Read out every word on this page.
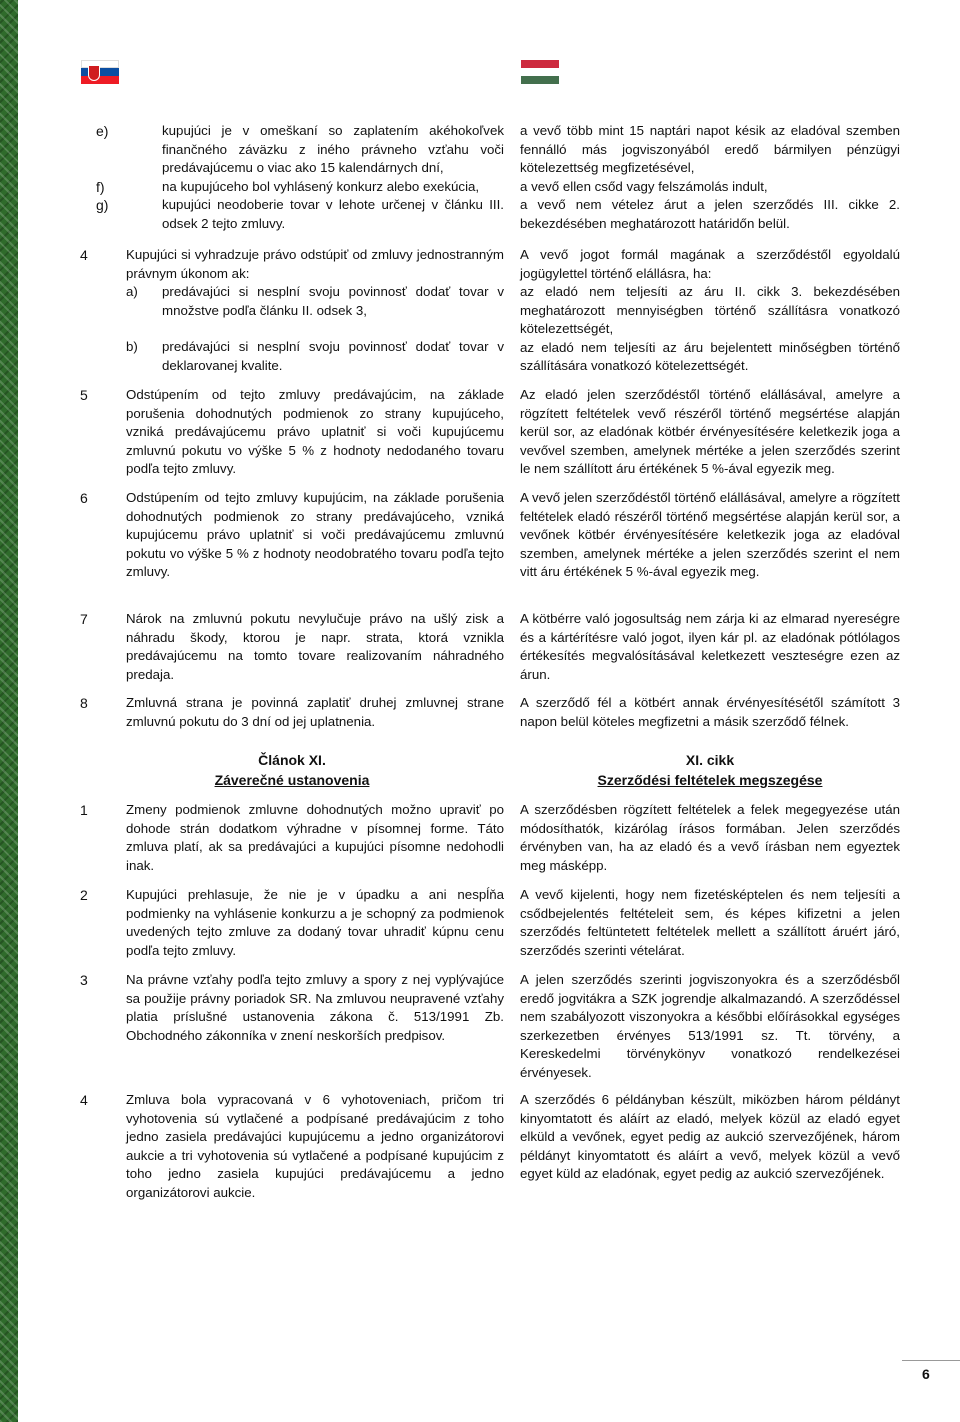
e)	kupujúci je v omeškaní so zaplatením akéhokoľvek finančného záväzku z iného právneho vzťahu voči predávajúcemu o viac ako 15 kalendárnych dní,
f)	na kupujúceho bol vyhlásený konkurz alebo exekúcia,
g)	kupujúci neodoberie tovar v lehote určenej v článku III. odsek 2 tejto zmluvy.
4	Kupujúci si vyhradzuje právo odstúpiť od zmluvy jednostranným právnym úkonom ak:
a) predávajúci si nesplní svoju povinnosť dodať tovar v množstve podľa článku II. odsek 3,
b) predávajúci si nesplní svoju povinnosť dodať tovar v deklarovanej kvalite.
5	Odstúpením od tejto zmluvy predávajúcim, na základe porušenia dohodnutých podmienok zo strany kupujúceho, vzniká predávajúcemu právo uplatniť si voči kupujúcemu zmluvnú pokutu vo výške 5 % z hodnoty nedodaného tovaru podľa tejto zmluvy.
6	Odstúpením od tejto zmluvy kupujúcim, na základe porušenia dohodnutých podmienok zo strany predávajúceho, vzniká kupujúcemu právo uplatniť si voči predávajúcemu zmluvnú pokutu vo výške 5 % z hodnoty neodobratého tovaru podľa tejto zmluvy.
7	Nárok na zmluvnú pokutu nevylučuje právo na ušlý zisk a náhradu škody, ktorou je napr. strata, ktorá vznikla predávajúcemu na tomto tovare realizovaním náhradného predaja.
8	Zmluvná strana je povinná zaplatiť druhej zmluvnej strane zmluvnú pokutu do 3 dní od jej uplatnenia.
Článok XI.
Záverečné ustanovenia
1	Zmeny podmienok zmluvne dohodnutých možno upraviť po dohode strán dodatkom výhradne v písomnej forme. Táto zmluva platí, ak sa predávajúci a kupujúci písomne nedohodli inak.
2	Kupujúci prehlasuje, že nie je v úpadku a ani nespĺňa podmienky na vyhlásenie konkurzu a je schopný za podmienok uvedených tejto zmluve za dodaný tovar uhradiť kúpnu cenu podľa tejto zmluvy.
3	Na právne vzťahy podľa tejto zmluvy a spory z nej vyplývajúce sa použije právny poriadok SR. Na zmluvou neupravené vzťahy platia príslušné ustanovenia zákona č. 513/1991 Zb. Obchodného zákonníka v znení neskorších predpisov.
4	Zmluva bola vypracovaná v 6 vyhotoveniach, pričom tri vyhotovenia sú vytlačené a podpísané predávajúcim z toho jedno zasiela predávajúci kupujúcemu a jedno organizátorovi aukcie a tri vyhotovenia sú vytlačené a podpísané kupujúcim z toho jedno zasiela kupujúci predávajúcemu a jedno organizátorovi aukcie.
a vevő több mint 15 naptári napot késik az eladóval szemben fennálló más jogviszonyából eredő bármilyen pénzügyi kötelezettség megfizetésével,
a vevő ellen csőd vagy felszámolás indult,
a vevő nem vételez árut a jelen szerződés III. cikke 2. bekezdésében meghatározott határidőn belül.
A vevő jogot formál magának a szerződéstől egyoldalú jogügylettel történő elállásra, ha:
az eladó nem teljesíti az áru II. cikk 3. bekezdésében meghatározott mennyiségben történő szállításra vonatkozó kötelezettségét,
az eladó nem teljesíti az áru bejelentett minőségben történő szállítására vonatkozó kötelezettségét.
Az eladó jelen szerződéstől történő elállásával, amelyre a rögzített feltételek vevő részéről történő megsértése alapján kerül sor, az eladónak kötbér érvényesítésére keletkezik joga a vevővel szemben, amelynek mértéke a jelen szerződés szerint le nem szállított áru értékének 5 %-ával egyezik meg.
A vevő jelen szerződéstől történő elállásával, amelyre a rögzített feltételek eladó részéről történő megsértése alapján kerül sor, a vevőnek kötbér érvényesítésére keletkezik joga az eladóval szemben, amelynek mértéke a jelen szerződés szerint el nem vitt áru értékének 5 %-ával egyezik meg.
A kötbérre való jogosultság nem zárja ki az elmarad nyereségre és a kártérítésre való jogot, ilyen kár pl. az eladónak pótlólagos értékesítés megvalósításával keletkezett veszteségre ezen az árun.
A szerződő fél a kötbért annak érvényesítésétől számított 3 napon belül köteles megfizetni a másik szerződő félnek.
XI. cikk
Szerződési feltételek megszegése
A szerződésben rögzített feltételek a felek megegyezése után módosíthatók, kizárólag írásos formában. Jelen szerződés érvényben van, ha az eladó és a vevő írásban nem egyeztek meg másképp.
A vevő kijelenti, hogy nem fizetésképtelen és nem teljesíti a csődbejelentés feltételeit sem, és képes kifizetni a jelen szerződés feltüntetett feltételek mellett a szállított áruért járó, szerződés szerinti vételárat.
A jelen szerződés szerinti jogviszonyokra és a szerződésből eredő jogvitákra a SZK jogrendje alkalmazandó. A szerződéssel nem szabályozott viszonyokra a későbbi előírásokkal egységes szerkezetben érvényes 513/1991 sz. Tt. törvény, a Kereskedelmi törvénykönyv vonatkozó rendelkezései érvényesek.
A szerződés 6 példányban készült, miközben három példányt kinyomtatott és aláírt az eladó, melyek közül az eladó egyet elküld a vevőnek, egyet pedig az aukció szervezőjének, három példányt kinyomtatott és aláírt a vevő, melyek közül a vevő egyet küld az eladónak, egyet pedig az aukció szervezőjének.
6
